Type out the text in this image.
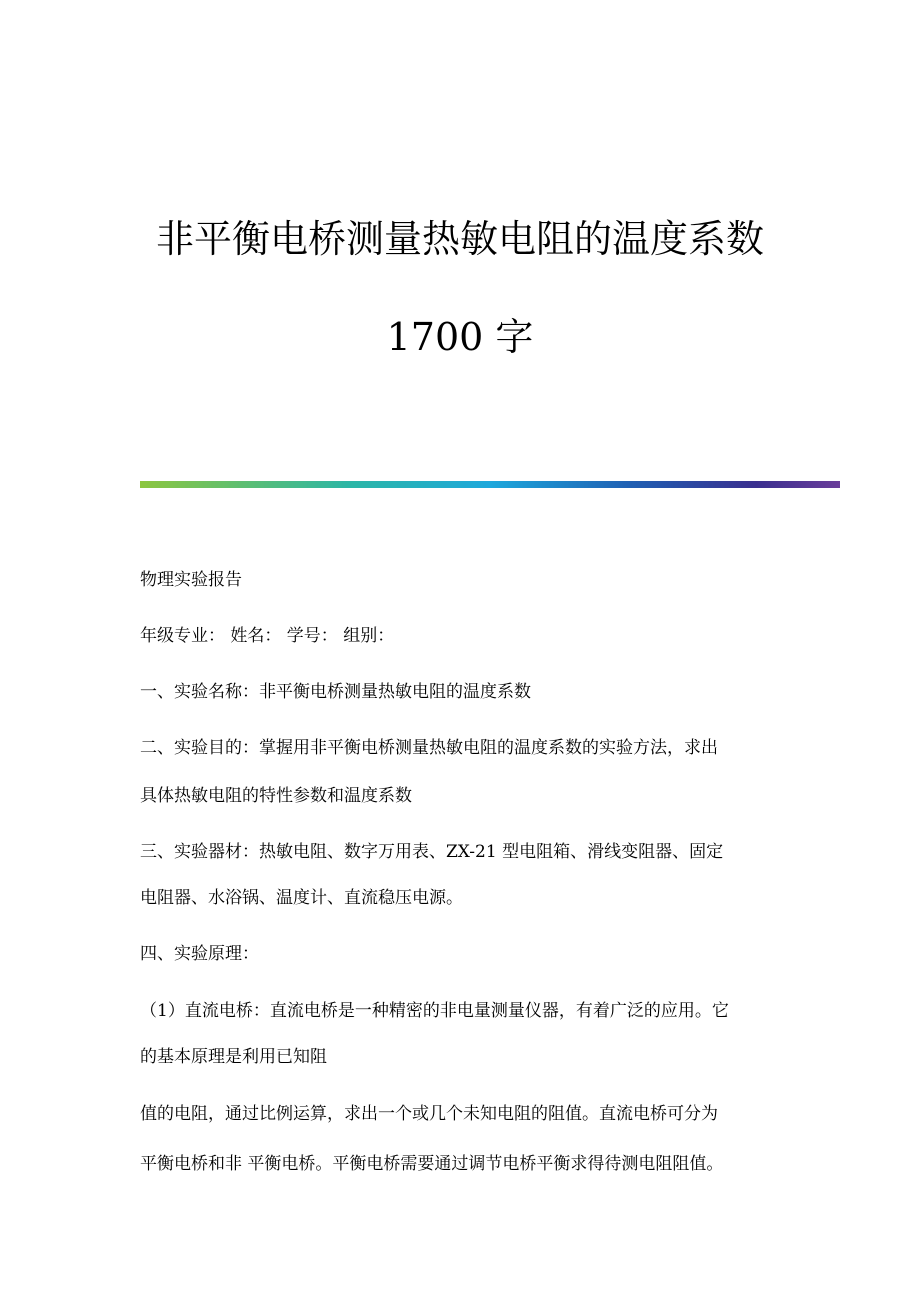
非平衡电桥测量热敏电阻的温度系数
1700 字
物理实验报告
年级专业： 姓名： 学号： 组别：
一、实验名称：非平衡电桥测量热敏电阻的温度系数
二、实验目的：掌握用非平衡电桥测量热敏电阻的温度系数的实验方法，求出
具体热敏电阻的特性参数和温度系数
三、实验器材：热敏电阻、数字万用表、ZX-21 型电阻箱、滑线变阻器、固定
电阻器、水浴锅、温度计、直流稳压电源。
四、实验原理：
（1）直流电桥：直流电桥是一种精密的非电量测量仪器，有着广泛的应用。它
的基本原理是利用已知阻
值的电阻，通过比例运算，求出一个或几个未知电阻的阻值。直流电桥可分为
平衡电桥和非 平衡电桥。平衡电桥需要通过调节电桥平衡求得待测电阻阻值。
